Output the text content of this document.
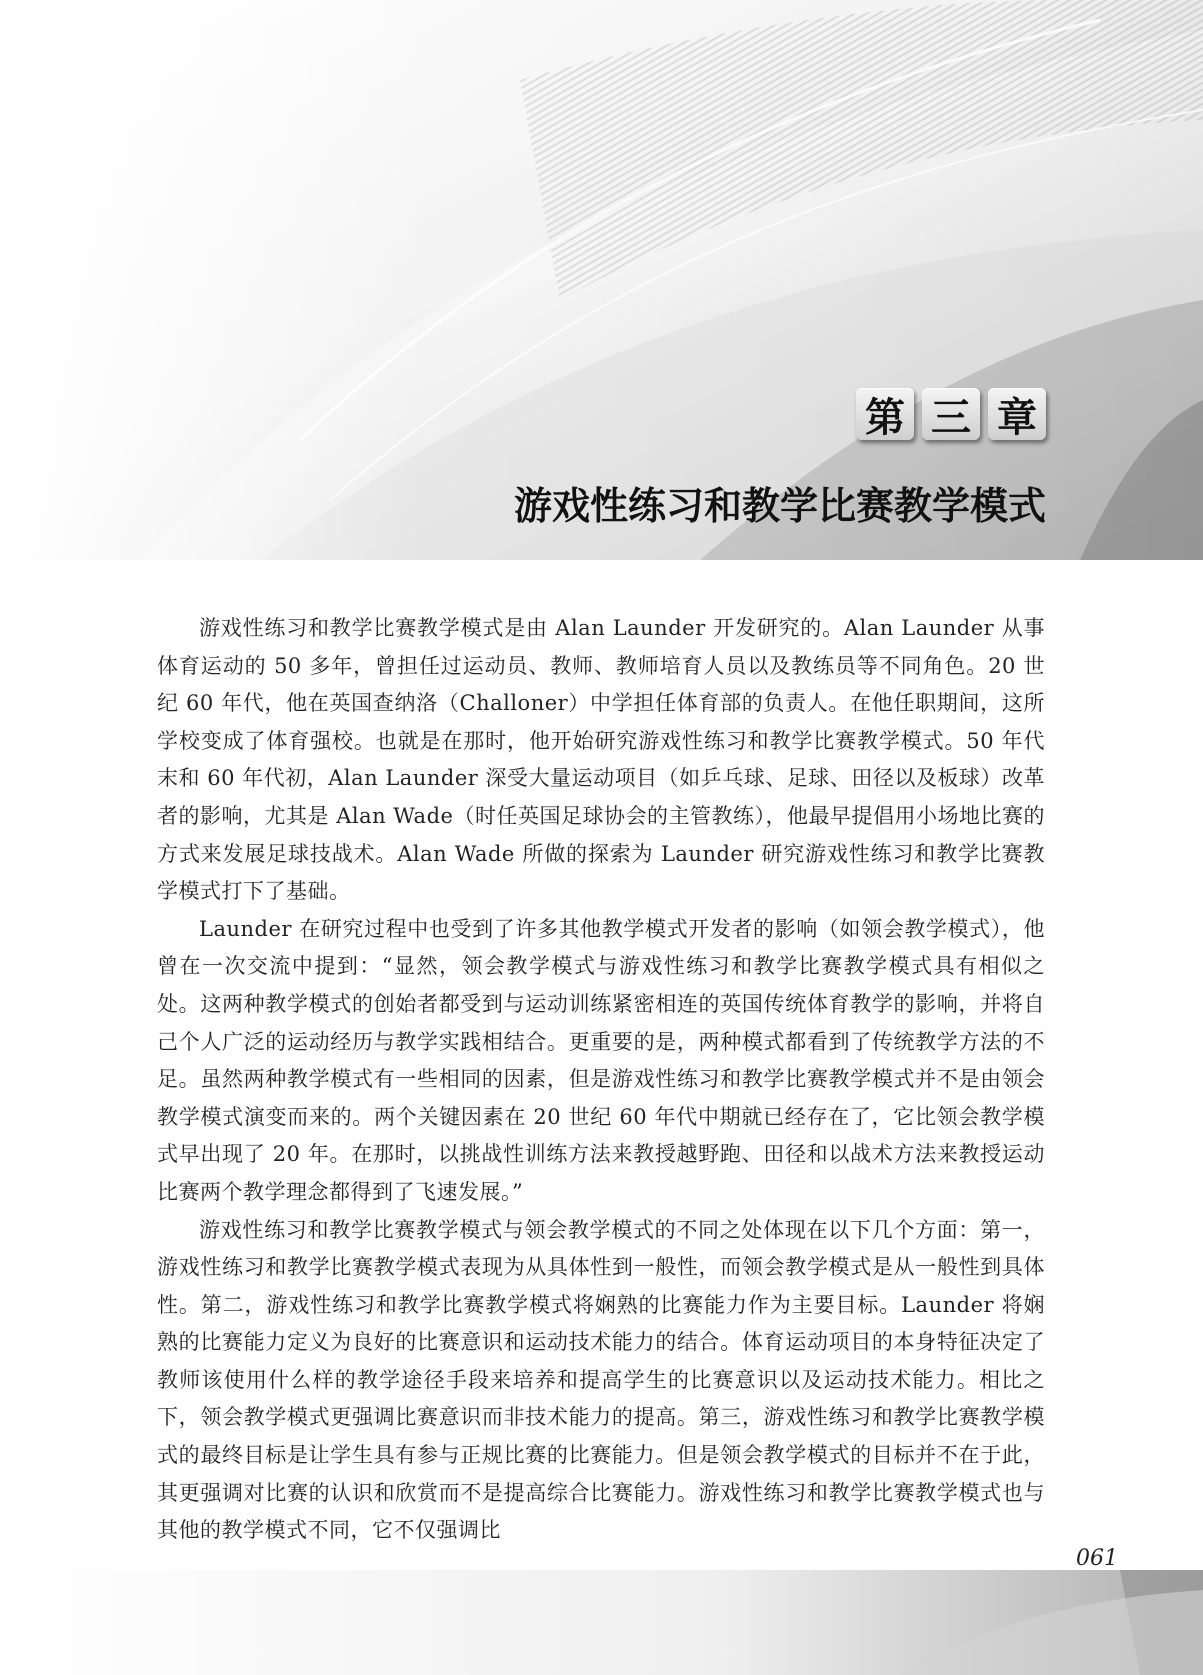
第 三 章
游戏性练习和教学比赛教学模式

游戏性练习和教学比赛教学模式是由 Alan Launder 开发研究的。Alan Launder 从事体育运动的 50 多年，曾担任过运动员、教师、教师培育人员以及教练员等不同角色。20 世纪 60 年代，他在英国查纳洛（Challoner）中学担任体育部的负责人。在他任职期间，这所学校变成了体育强校。也就是在那时，他开始研究游戏性练习和教学比赛教学模式。50 年代末和 60 年代初，Alan Launder 深受大量运动项目（如乒乓球、足球、田径以及板球）改革者的影响，尤其是 Alan Wade（时任英国足球协会的主管教练），他最早提倡用小场地比赛的方式来发展足球技战术。Alan Wade 所做的探索为 Launder 研究游戏性练习和教学比赛教学模式打下了基础。

Launder 在研究过程中也受到了许多其他教学模式开发者的影响（如领会教学模式），他曾在一次交流中提到：“显然，领会教学模式与游戏性练习和教学比赛教学模式具有相似之处。这两种教学模式的创始者都受到与运动训练紧密相连的英国传统体育教学的影响，并将自己个人广泛的运动经历与教学实践相结合。更重要的是，两种模式都看到了传统教学方法的不足。虽然两种教学模式有一些相同的因素，但是游戏性练习和教学比赛教学模式并不是由领会教学模式演变而来的。两个关键因素在 20 世纪 60 年代中期就已经存在了，它比领会教学模式早出现了 20 年。在那时，以挑战性训练方法来教授越野跑、田径和以战术方法来教授运动比赛两个教学理念都得到了飞速发展。”

游戏性练习和教学比赛教学模式与领会教学模式的不同之处体现在以下几个方面：第一，游戏性练习和教学比赛教学模式表现为从具体性到一般性，而领会教学模式是从一般性到具体性。第二，游戏性练习和教学比赛教学模式将娴熟的比赛能力作为主要目标。Launder 将娴熟的比赛能力定义为良好的比赛意识和运动技术能力的结合。体育运动项目的本身特征决定了教师该使用什么样的教学途径手段来培养和提高学生的比赛意识以及运动技术能力。相比之下，领会教学模式更强调比赛意识而非技术能力的提高。第三，游戏性练习和教学比赛教学模式的最终目标是让学生具有参与正规比赛的比赛能力。但是领会教学模式的目标并不在于此，其更强调对比赛的认识和欣赏而不是提高综合比赛能力。游戏性练习和教学比赛教学模式也与其他的教学模式不同，它不仅强调比

061
